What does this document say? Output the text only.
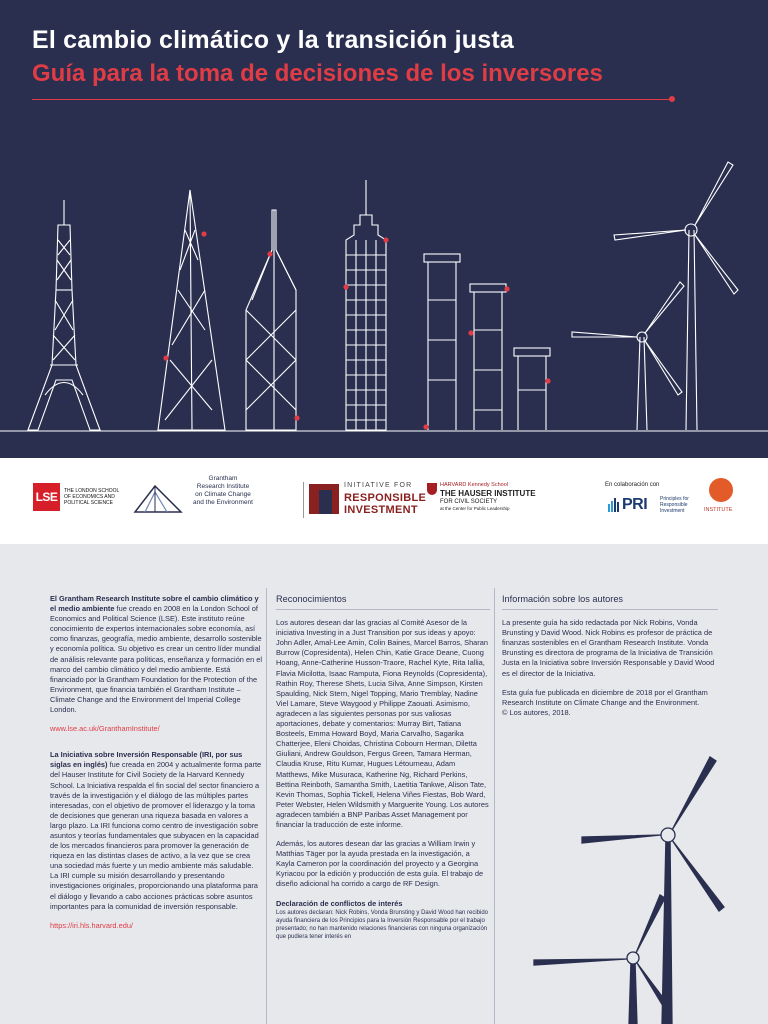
El cambio climático y la transición justa
Guía para la toma de decisiones de los inversores
LSE	THE LONDON SCHOOL
OF ECONOMICS AND
POLITICAL SCIENCE
Grantham
Research Institute
on Climate Change
and the Environment
INITIATIVE FOR
RESPONSIBLE
INVESTMENT
HARVARD Kennedy School
THE HAUSER INSTITUTE
FOR CIVIL SOCIETY
at the Center for Public Leadership
En colaboración con
PRI	Principles for
Responsible
Investment	INSTITUTE

El Grantham Research Institute sobre el cambio climático y el medio ambiente fue creado en 2008 en la London School of Economics and Political Science (LSE). Este instituto reúne conocimiento de expertos internacionales sobre economía, así como finanzas, geografía, medio ambiente, desarrollo sostenible y economía política. Su objetivo es crear un centro líder mundial de análisis relevante para políticas, enseñanza y formación en el marco del cambio climático y del medio ambiente. Está financiado por la Grantham Foundation for the Protection of the Environment, que financia también el Grantham Institute – Climate Change and the Environment del Imperial College London.

www.lse.ac.uk/GranthamInstitute/

La Iniciativa sobre Inversión Responsable (IRI, por sus siglas en inglés) fue creada en 2004 y actualmente forma parte del Hauser Institute for Civil Society de la Harvard Kennedy School. La Iniciativa respalda el fin social del sector financiero a través de la investigación y el diálogo de las múltiples partes interesadas, con el objetivo de promover el liderazgo y la toma de decisiones que generan una riqueza basada en valores a largo plazo. La IRI funciona como centro de investigación sobre asuntos y teorías fundamentales que subyacen en la capacidad de los mercados financieros para promover la generación de riqueza en las distintas clases de activo, a la vez que se crea una sociedad más fuerte y un medio ambiente más saludable. La IRI cumple su misión desarrollando y presentando investigaciones originales, proporcionando una plataforma para el diálogo y llevando a cabo acciones prácticas sobre asuntos importantes para la comunidad de inversión responsable.

https://iri.hls.harvard.edu/
Reconocimientos

Los autores desean dar las gracias al Comité Asesor de la iniciativa Investing in a Just Transition por sus ideas y apoyo: John Adler, Amal-Lee Amin, Colin Baines, Marcel Barros, Sharan Burrow (Copresidenta), Helen Chin, Katie Grace Deane, Cuong Hoang, Anne-Catherine Husson-Traore, Rachel Kyte, Rita Iallia, Flavia Micilotta, Isaac Ramputa, Fiona Reynolds (Copresidenta), Rathin Roy, Therese Shets, Lucia Silva, Anne Simpson, Kirsten Spaulding, Nick Stern, Nigel Topping, Mario Tremblay, Nadine Viel Lamare, Steve Waygood y Philippe Zaouati. Asimismo, agradecen a las siguientes personas por sus valiosas aportaciones, debate y comentarios: Murray Birt, Tatiana Bosteels, Emma Howard Boyd, Maria Carvalho, Sagarika Chatterjee, Eleni Choidas, Christina Cobourn Herman, Diletta Giuliani, Andrew Gouldson, Fergus Green, Tamara Herman, Claudia Kruse, Ritu Kumar, Hugues Létourneau, Adam Matthews, Mike Musuraca, Katherine Ng, Richard Perkins, Bettina Reinboth, Samantha Smith, Laetitia Tankwe, Alison Tate, Kevin Thomas, Sophia Tickell, Helena Viñes Fiestas, Bob Ward, Peter Webster, Helen Wildsmith y Marguerite Young. Los autores agradecen también a BNP Paribas Asset Management por financiar la traducción de este informe.

Además, los autores desean dar las gracias a William Irwin y Matthias Täger por la ayuda prestada en la investigación, a Kayla Cameron por la coordinación del proyecto y a Georgina Kyriacou por la edición y producción de esta guía. El trabajo de diseño adicional ha corrido a cargo de RF Design.

Declaración de conflictos de interés
Los autores declaran: Nick Robins, Vonda Brunsting y David Wood han recibido ayuda financiera de los Principios para la Inversión Responsable por el trabajo presentado; no han mantenido relaciones financieras con ninguna organización que pudiera tener interés en
Información sobre los autores

La presente guía ha sido redactada por Nick Robins, Vonda Brunsting y David Wood. Nick Robins es profesor de práctica de finanzas sostenibles en el Grantham Research Institute. Vonda Brunsting es directora de programa de la Iniciativa de Transición Justa en la Iniciativa sobre Inversión Responsable y David Wood es el director de la Iniciativa.

Esta guía fue publicada en diciembre de 2018 por el Grantham Research Institute on Climate Change and the Environment.

© Los autores, 2018.
